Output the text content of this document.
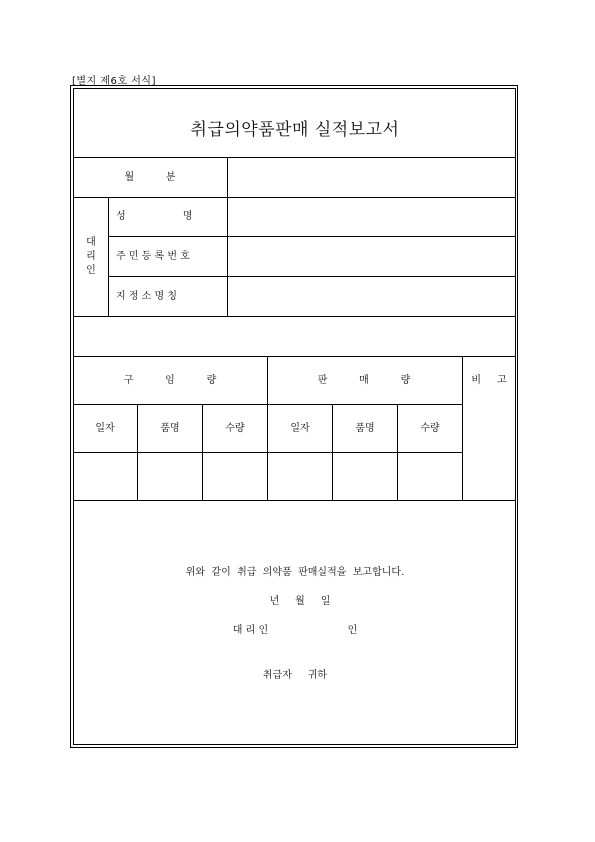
[별지 제6호 서식]
취급의약품판매 실적보고서
월          분
대리인
성                  명
주 민 등 록 번 호
지 정 소 명 칭
구          임          량	판          매          량	비     고
일자	품명	수량	일자	품명	수량
위와  같이  취급  의약품  판매실적을  보고합니다.
년     월     일
대 리 인                         인
취급자     귀하
